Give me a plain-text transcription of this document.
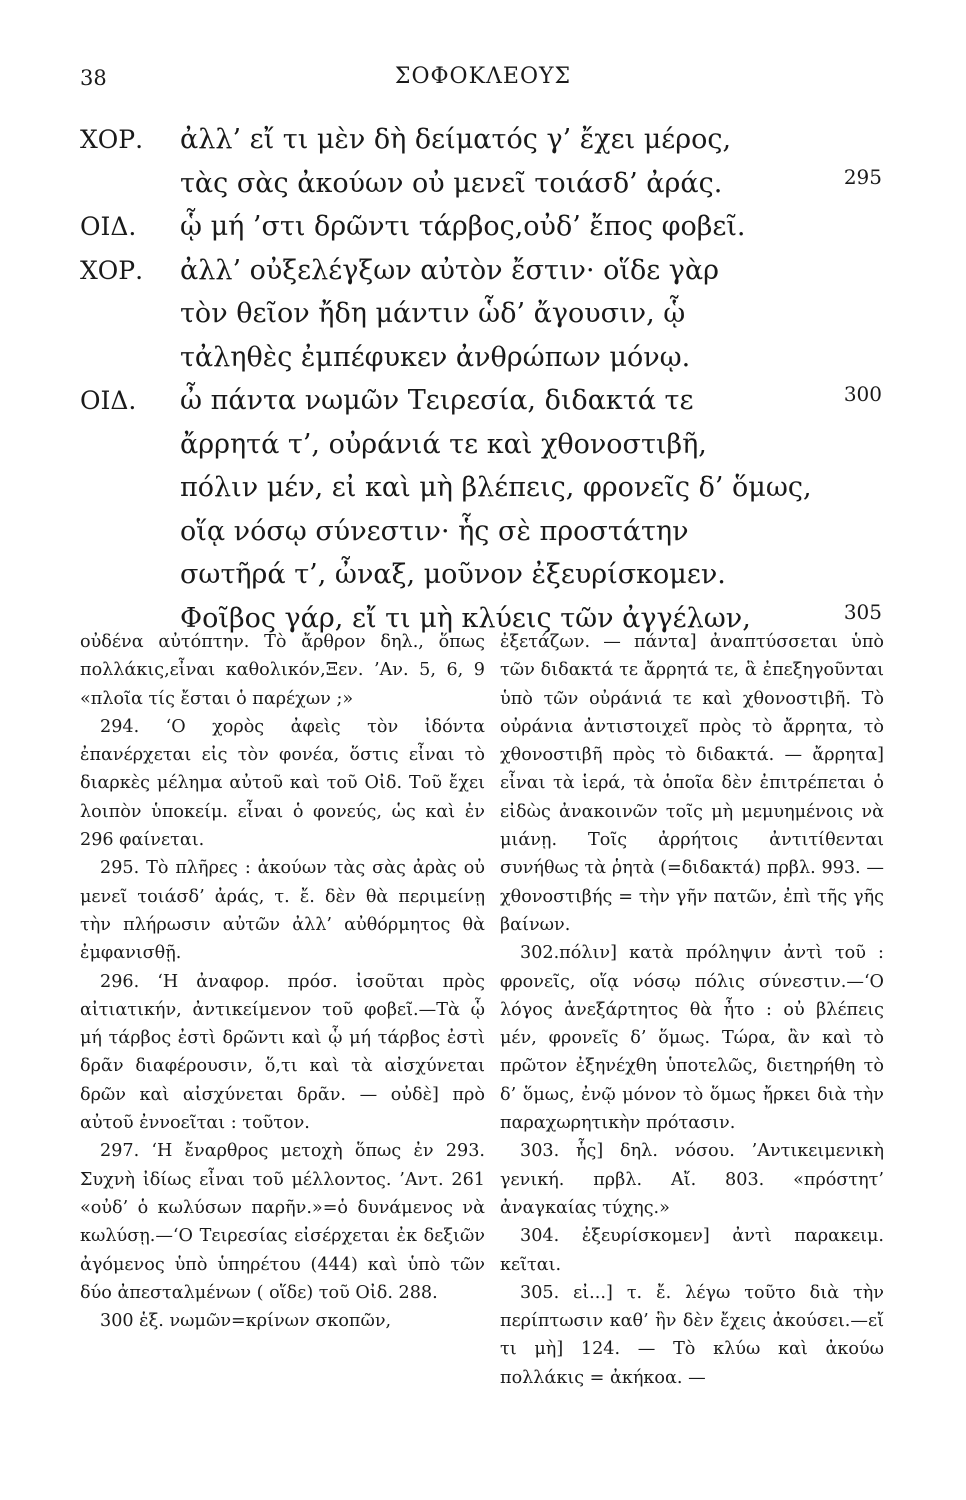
38	ΣΟΦΟΚΛΕΟΥΣ
ΧΟΡ. ἀλλ’ εἴ τι μὲν δὴ δείματός γ’ ἔχει μέρος,
τὰς σὰς ἀκούων οὐ μενεῖ τοιάσδ’ ἀράς.	295
ΟΙΔ. ᾧ μή ’στι δρῶντι τάρβος,οὐδ’ ἔπος φοβεῖ.
ΧΟΡ. ἀλλ’ οὐξελέγξων αὐτὸν ἔστιν· οἵδε γὰρ
τὸν θεῖον ἤδη μάντιν ὧδ’ ἄγουσιν, ᾧ
τἀληθὲς ἐμπέφυκεν ἀνθρώπων μόνῳ.
ΟΙΔ. ὦ πάντα νωμῶν Τειρεσία, διδακτά τε	300
ἄρρητά τ’, οὐράνιά τε καὶ χθονοστιβῆ,
πόλιν μέν, εἰ καὶ μὴ βλέπεις, φρονεῖς δ’ ὅμως,
οἵᾳ νόσῳ σύνεστιν· ἧς σὲ προστάτην
σωτῆρά τ’, ὦναξ, μοῦνον ἐξευρίσκομεν.
Φοῖβος γάρ, εἴ τι μὴ κλύεις τῶν ἀγγέλων,	305

οὐδένα αὐτόπτην. Τὸ ἄρθρον δηλ., ὅπως πολλάκις,εἶναι καθολικόν,Ξεν. ’Αν. 5, 6, 9 «πλοῖα τίς ἔσται ὁ παρέχων ;»

294. ‘Ο χορὸς ἀφεὶς τὸν ἰδόντα ἐπανέρχεται εἰς τὸν φονέα, ὅστις εἶναι τὸ διαρκὲς μέλημα αὐτοῦ καὶ τοῦ Οἰδ. Τοῦ ἔχει λοιπὸν ὑποκείμ. εἶναι ὁ φονεύς, ὡς καὶ ἐν 296 φαίνεται.

295. Τὸ πλῆρες : ἀκούων τὰς σὰς ἀρὰς οὐ μενεῖ τοιάσδ’ ἀράς, τ. ἔ. δὲν θὰ περιμείνῃ τὴν πλήρωσιν αὐτῶν ἀλλ’ αὐθόρμητος θὰ ἐμφανισθῇ.

296. ‘Η ἀναφορ. πρόσ. ἰσοῦται πρὸς αἰτιατικήν, ἀντικείμενον τοῦ φοβεῖ.—Τὰ ᾧ μή τάρβος ἐστὶ δρῶντι καὶ ᾧ μή τάρβος ἐστὶ δρᾶν διαφέρουσιν, ὅ,τι καὶ τὰ αἰσχύνεται δρῶν καὶ αἰσχύνεται δρᾶν. — οὐδὲ] πρὸ αὐτοῦ ἐννοεῖται : τοῦτον.

297. ‘Η ἔναρθρος μετοχὴ ὅπως ἐν 293. Συχνὴ ἰδίως εἶναι τοῦ μέλλοντος. ’Αντ. 261 «οὐδ’ ὁ κωλύσων παρῆν.»=ὁ δυνάμενος νὰ κωλύσῃ.—‘Ο Τειρεσίας εἰσέρχεται ἐκ δεξιῶν ἀγόμενος ὑπὸ ὑπηρέτου (444) καὶ ὑπὸ τῶν δύο ἀπεσταλμένων ( οἵδε) τοῦ Οἰδ. 288.

300 ἑξ. νωμῶν=κρίνων σκοπῶν,

ἐξετάζων. — πάντα] ἀναπτύσσεται ὑπὸ τῶν διδακτά τε ἄρρητά τε, ἃ ἐπεξηγοῦνται ὑπὸ τῶν οὐράνιά τε καὶ χθονοστιβῆ. Τὸ οὐράνια ἀντιστοιχεῖ πρὸς τὸ ἄρρητα, τὸ χθονοστιβῆ πρὸς τὸ διδακτά. — ἄρρητα] εἶναι τὰ ἱερά, τὰ ὁποῖα δὲν ἐπιτρέπεται ὁ εἰδὼς ἀνακοινῶν τοῖς μὴ μεμυημένοις νὰ μιάνῃ. Τοῖς ἀρρήτοις ἀντιτίθενται συνήθως τὰ ῥητὰ (=διδακτά) πρβλ. 993. — χθονοστιβής = τὴν γῆν πατῶν, ἐπὶ τῆς γῆς βαίνων.

302.πόλιν] κατὰ πρόληψιν ἀντὶ τοῦ : φρονεῖς, οἵᾳ νόσῳ πόλις σύνεστιν.—‘Ο λόγος ἀνεξάρτητος θὰ ἦτο : οὐ βλέπεις μέν, φρονεῖς δ’ ὅμως. Τώρα, ἂν καὶ τὸ πρῶτον ἐξηνέχθη ὑποτελῶς, διετηρήθη τὸ δ’ ὅμως, ἐνῷ μόνον τὸ ὅμως ἤρκει διὰ τὴν παραχωρητικὴν πρότασιν.

303. ἧς] δηλ. νόσου. ’Αντικειμενικὴ γενική. πρβλ. Αἴ. 803. «πρόστητ’ ἀναγκαίας τύχης.»

304. ἐξευρίσκομεν] ἀντὶ παρακειμ. κεῖται.

305. εἰ...] τ. ἔ. λέγω τοῦτο διὰ τὴν περίπτωσιν καθ’ ἣν δὲν ἔχεις ἀκούσει.—εἴ τι μὴ] 124. — Τὸ κλύω καὶ ἀκούω πολλάκις = ἀκήκοα. —
